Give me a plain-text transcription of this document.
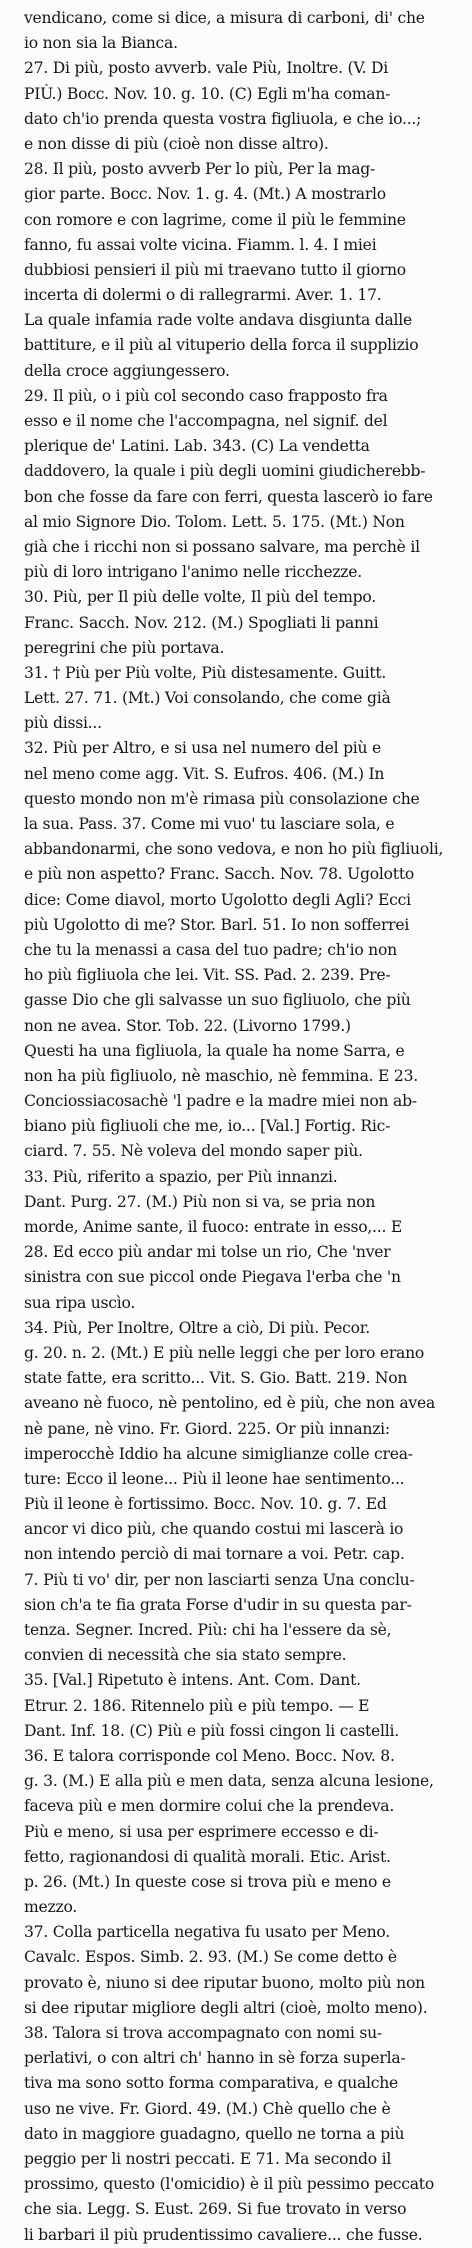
vendicano, come si dice, a misura di carboni, di' che
io non sia la Bianca.
27. Di più, posto avverb. vale Più, Inoltre. (V. Di
PIÙ.) Bocc. Nov. 10. g. 10. (C) Egli m'ha coman-
dato ch'io prenda questa vostra figliuola, e che io...;
e non disse di più (cioè non disse altro).
28. Il più, posto avverb Per lo più, Per la mag-
gior parte. Bocc. Nov. 1. g. 4. (Mt.) A mostrarlo
con romore e con lagrime, come il più le femmine
fanno, fu assai volte vicina. Fiamm. l. 4. I miei
dubbiosi pensieri il più mi traevano tutto il giorno
incerta di dolermi o di rallegrarmi. Aver. 1. 17.
La quale infamia rade volte andava disgiunta dalle
battiture, e il più al vituperio della forca il supplizio
della croce aggiungessero.
29. Il più, o i più col secondo caso frapposto fra
esso e il nome che l'accompagna, nel signif. del
plerique de' Latini. Lab. 343. (C) La vendetta
daddovero, la quale i più degli uomini giudicherebb-
bon che fosse da fare con ferri, questa lascerò io fare
al mio Signore Dio. Tolom. Lett. 5. 175. (Mt.) Non
già che i ricchi non si possano salvare, ma perchè il
più di loro intrigano l'animo nelle ricchezze.
30. Più, per Il più delle volte, Il più del tempo.
Franc. Sacch. Nov. 212. (M.) Spogliati li panni
peregrini che più portava.
31. † Più per Più volte, Più distesamente. Guitt.
Lett. 27. 71. (Mt.) Voi consolando, che come già
più dissi...
32. Più per Altro, e si usa nel numero del più e
nel meno come agg. Vit. S. Eufros. 406. (M.) In
questo mondo non m'è rimasa più consolazione che
la sua. Pass. 37. Come mi vuo' tu lasciare sola, e
abbandonarmi, che sono vedova, e non ho più figliuoli,
e più non aspetto? Franc. Sacch. Nov. 78. Ugolotto
dice: Come diavol, morto Ugolotto degli Agli? Ecci
più Ugolotto di me? Stor. Barl. 51. Io non sofferrei
che tu la menassi a casa del tuo padre; ch'io non
ho più figliuola che lei. Vit. SS. Pad. 2. 239. Pre-
gasse Dio che gli salvasse un suo figliuolo, che più
non ne avea. Stor. Tob. 22. (Livorno 1799.)
Questi ha una figliuola, la quale ha nome Sarra, e
non ha più figliuolo, nè maschio, nè femmina. E 23.
Conciossiacosachè 'l padre e la madre miei non ab-
biano più figliuoli che me, io... [Val.] Fortig. Ric-
ciard. 7. 55. Nè voleva del mondo saper più.
33. Più, riferito a spazio, per Più innanzi.
Dant. Purg. 27. (M.) Più non si va, se pria non
morde, Anime sante, il fuoco: entrate in esso,... E
28. Ed ecco più andar mi tolse un rio, Che 'nver
sinistra con sue piccol onde Piegava l'erba che 'n
sua ripa uscìo.
34. Più, Per Inoltre, Oltre a ciò, Di più. Pecor.
g. 20. n. 2. (Mt.) E più nelle leggi che per loro erano
state fatte, era scritto... Vit. S. Gio. Batt. 219. Non
aveano nè fuoco, nè pentolino, ed è più, che non avea
nè pane, nè vino. Fr. Giord. 225. Or più innanzi:
imperocchè Iddio ha alcune simiglianze colle crea-
ture: Ecco il leone... Più il leone hae sentimento...
Più il leone è fortissimo. Bocc. Nov. 10. g. 7. Ed
ancor vi dico più, che quando costui mi lascerà io
non intendo perciò di mai tornare a voi. Petr. cap.
7. Più ti vo' dir, per non lasciarti senza Una conclu-
sion ch'a te fia grata Forse d'udir in su questa par-
tenza. Segner. Incred. Più: chi ha l'essere da sè,
convien di necessità che sia stato sempre.
35. [Val.] Ripetuto è intens. Ant. Com. Dant.
Etrur. 2. 186. Ritennelo più e più tempo. — E
Dant. Inf. 18. (C) Più e più fossi cingon li castelli.
36. E talora corrisponde col Meno. Bocc. Nov. 8.
g. 3. (M.) E alla più e men data, senza alcuna lesione,
faceva più e men dormire colui che la prendeva.
Più e meno, si usa per esprimere eccesso e di-
fetto, ragionandosi di qualità morali. Etic. Arist.
p. 26. (Mt.) In queste cose si trova più e meno e
mezzo.
37. Colla particella negativa fu usato per Meno.
Cavalc. Espos. Simb. 2. 93. (M.) Se come detto è
provato è, niuno si dee riputar buono, molto più non
si dee riputar migliore degli altri (cioè, molto meno).
38. Talora si trova accompagnato con nomi su-
perlativi, o con altri ch' hanno in sè forza superla-
tiva ma sono sotto forma comparativa, e qualche
uso ne vive. Fr. Giord. 49. (M.) Chè quello che è
dato in maggiore guadagno, quello ne torna a più
peggio per li nostri peccati. E 71. Ma secondo il
prossimo, questo (l'omicidio) è il più pessimo peccato
che sia. Legg. S. Eust. 269. Si fue trovato in verso
li barbari il più prudentissimo cavaliere... che fusse.
